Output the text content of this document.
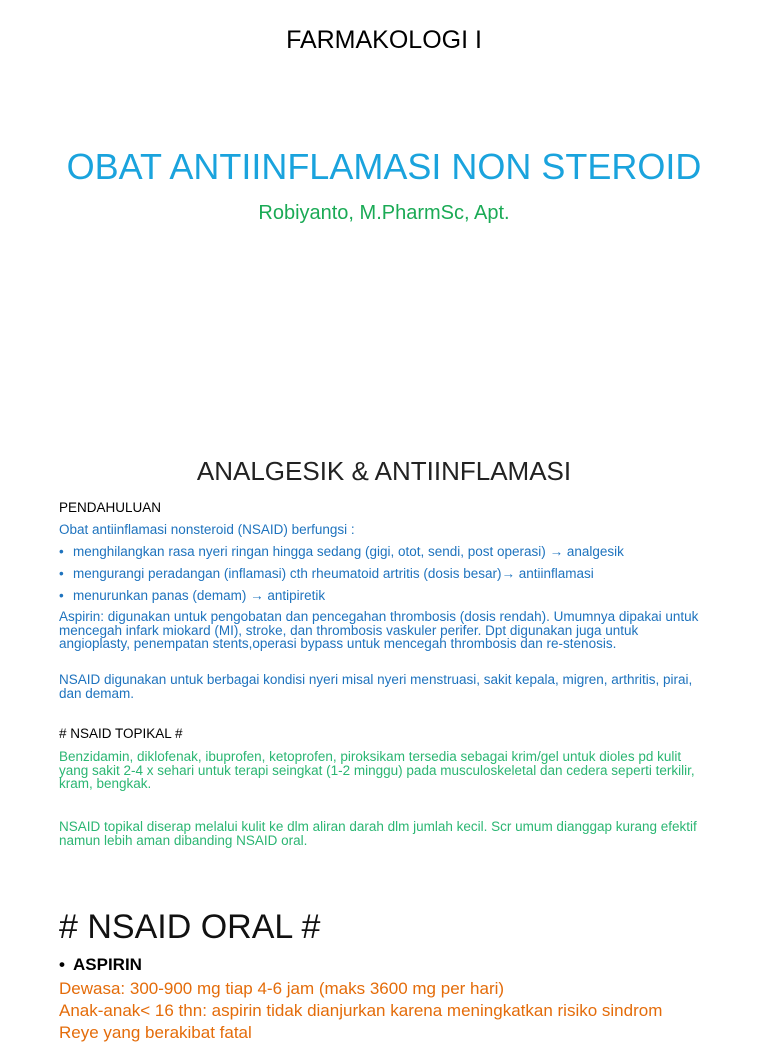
FARMAKOLOGI I
OBAT ANTIINFLAMASI NON STEROID
Robiyanto, M.PharmSc, Apt.
ANALGESIK & ANTIINFLAMASI
PENDAHULUAN
Obat antiinflamasi nonsteroid (NSAID) berfungsi :
• menghilangkan rasa nyeri ringan hingga sedang (gigi, otot, sendi, post operasi) → analgesik
• mengurangi peradangan (inflamasi) cth rheumatoid artritis (dosis besar)→ antiinflamasi
• menurunkan panas (demam) → antipiretik
Aspirin: digunakan untuk pengobatan dan pencegahan thrombosis (dosis rendah). Umumnya dipakai untuk mencegah infark miokard (MI), stroke, dan thrombosis vaskuler perifer. Dpt digunakan juga untuk angioplasty, penempatan stents,operasi bypass untuk mencegah thrombosis dan re-stenosis.
NSAID digunakan untuk berbagai kondisi nyeri misal nyeri menstruasi, sakit kepala, migren, arthritis, pirai, dan demam.
# NSAID TOPIKAL #
Benzidamin, diklofenak, ibuprofen, ketoprofen, piroksikam tersedia sebagai krim/gel untuk dioles pd kulit yang sakit 2-4 x sehari untuk terapi seingkat (1-2 minggu) pada musculoskeletal dan cedera seperti terkilir, kram, bengkak.
NSAID topikal diserap melalui kulit ke dlm aliran darah dlm jumlah kecil. Scr umum dianggap kurang efektif namun lebih aman dibanding NSAID oral.
# NSAID ORAL #
• ASPIRIN
Dewasa: 300-900 mg tiap 4-6 jam (maks 3600 mg per hari)
Anak-anak< 16 thn: aspirin tidak dianjurkan karena meningkatkan risiko sindrom
Reye yang berakibat fatal
